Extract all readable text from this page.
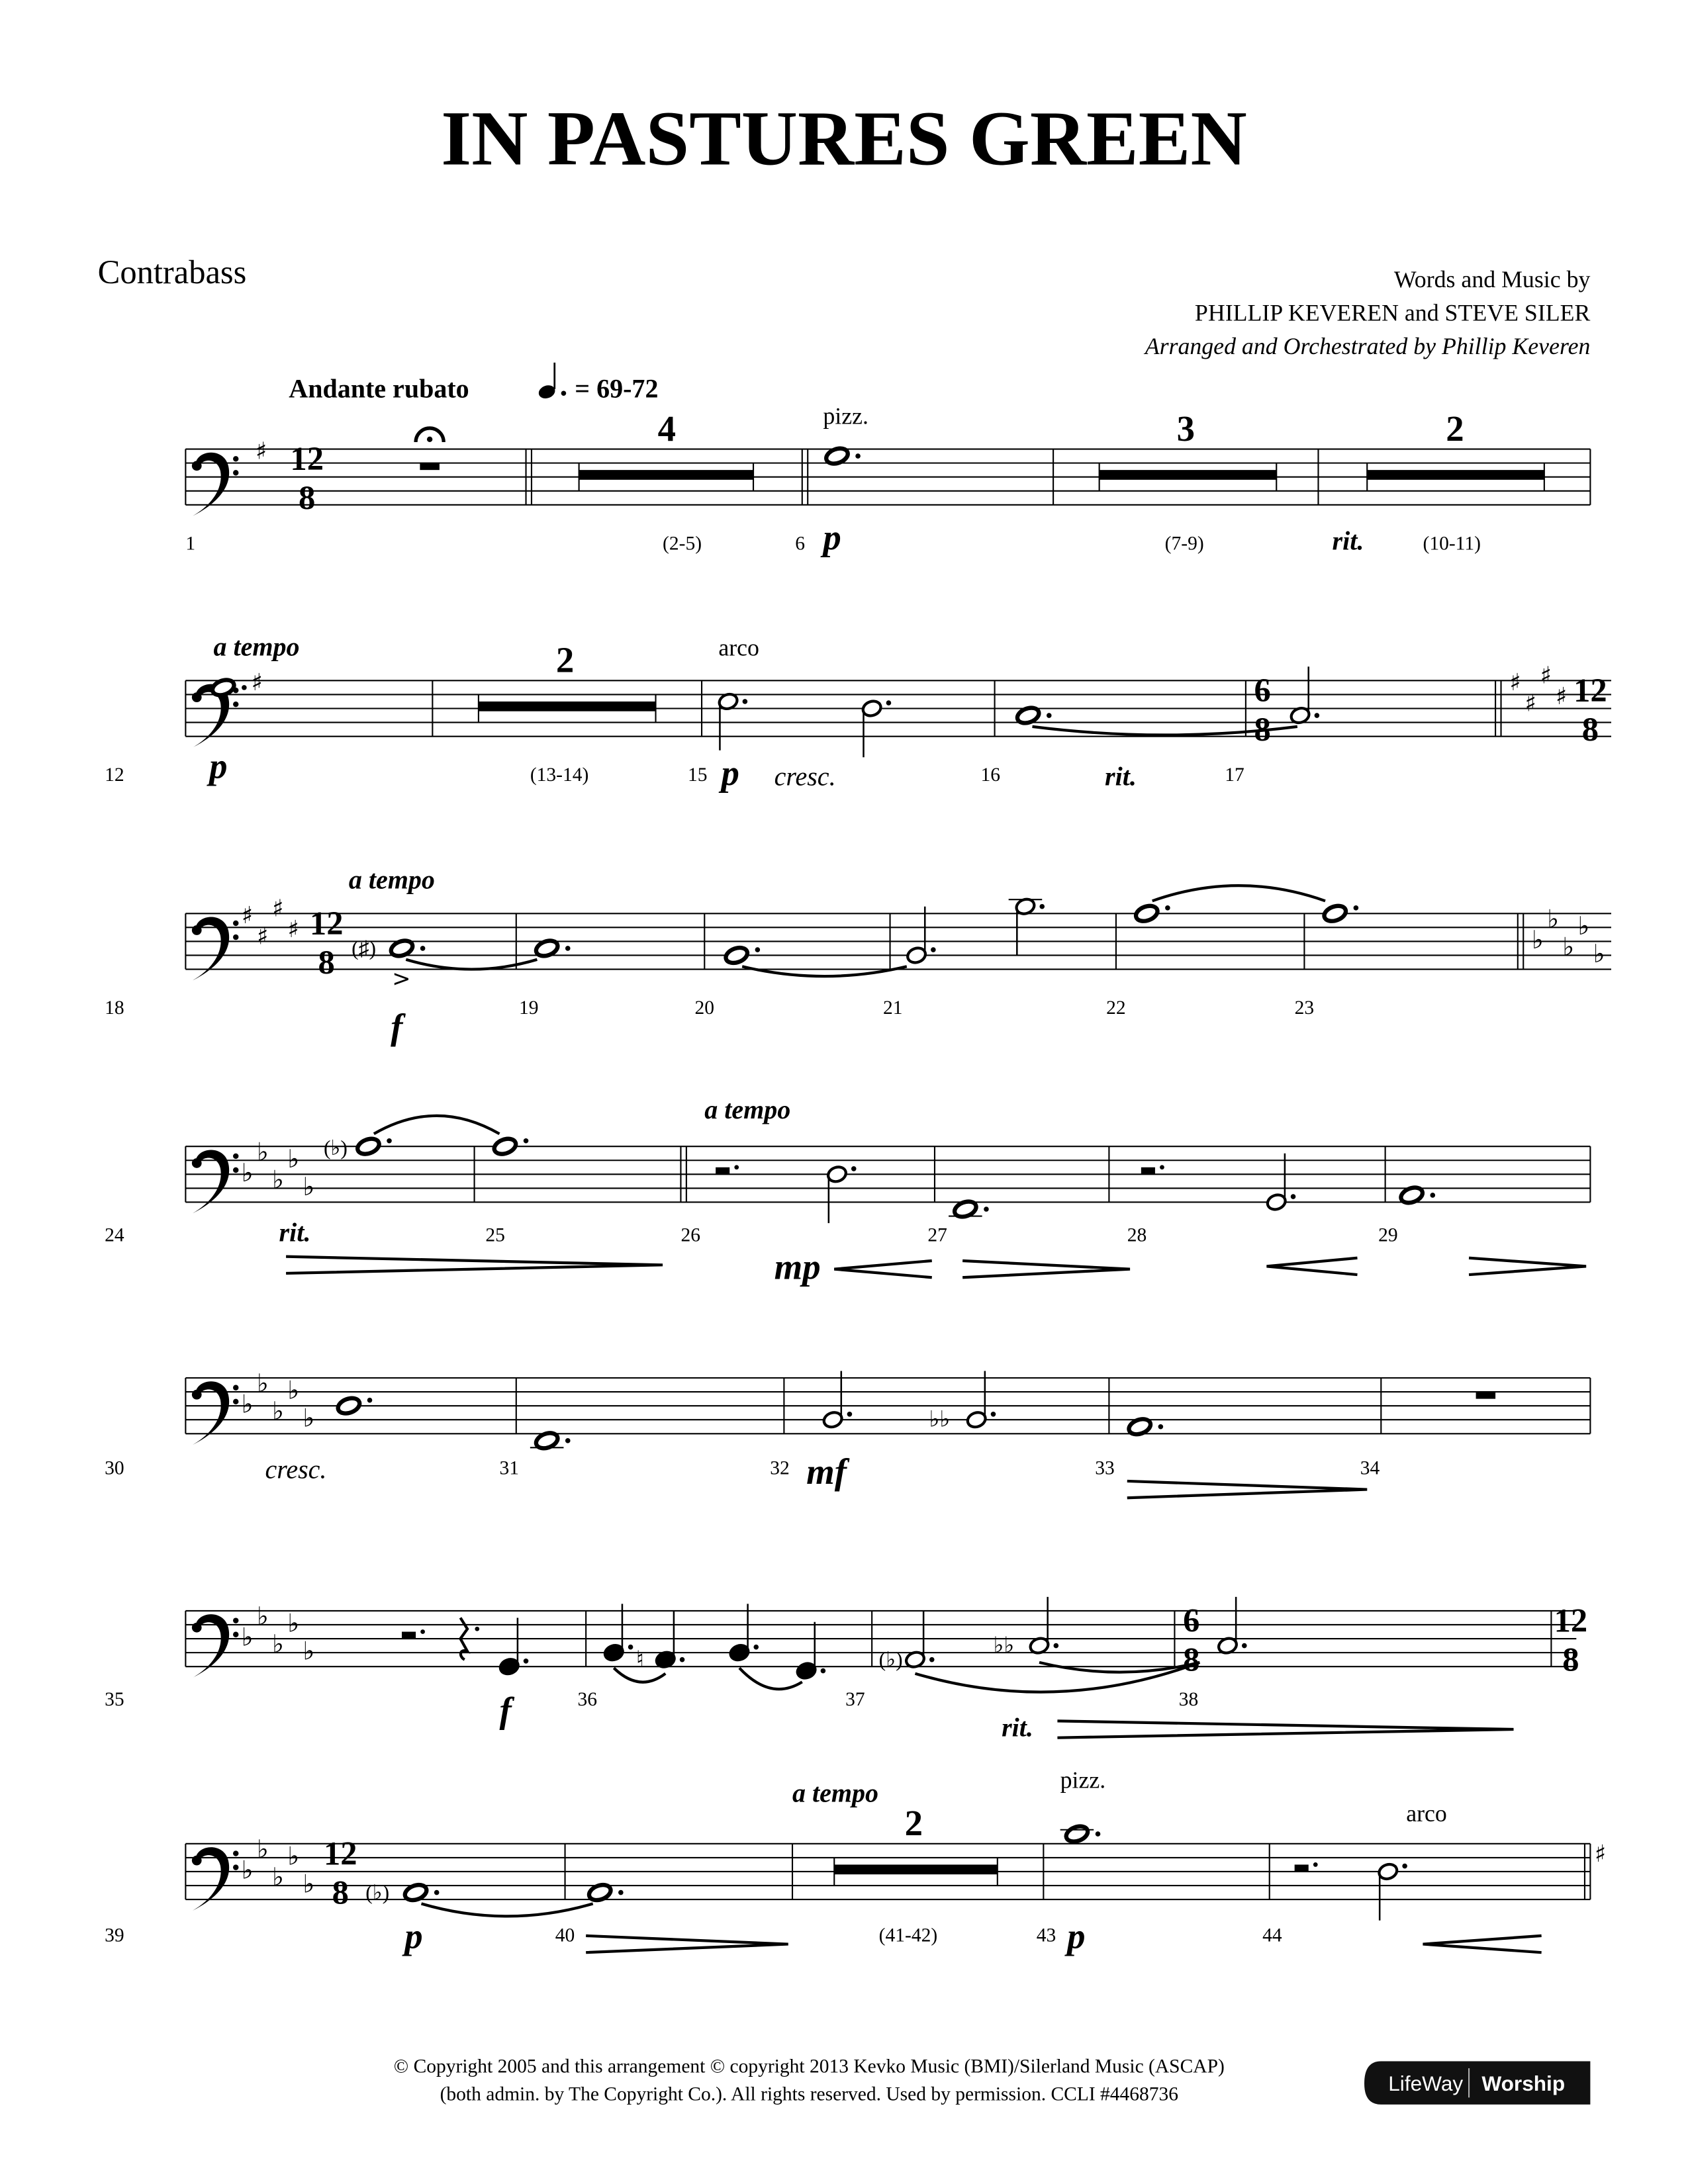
IN PASTURES GREEN
Contrabass	Words and Music by
PHILLIP KEVEREN and STEVE SILER
Arranged and Orchestrated by Phillip Keveren
Andante rubato	= 69-72
♯ 12
8
4	pizz.	3	2
1	(2-5)	6 p	(7-9)	rit.	(10-11)
♯
a tempo	2	arco
6
8
♯
♯
♯
♯ 12
8
12	p	(13-14)	15 p	cresc.	16	rit.	17
♯
♯
♯
♯ 12
8
a tempo
(♯)
>
f
♭
♭
♭
♭
♭
18	19	20	21	22	23
♭
♭
♭
♭
♭
(♭)
a tempo
24	rit.	25	26
mp
27	28	29
♭
♭
♭
♭
♭	♭♭
30	cresc.	31	32 mf	33	34
♭
♭
♭
♭
♭
f
♮	(♭)
♭♭
6
8
12
8
35	36	37
rit.
38
♭
♭
♭
♭
♭
12
8 (♭)
p
a tempo
2
pizz.
arco
♯
39	40	(41-42)	43 p	44
© Copyright 2005 and this arrangement © copyright 2013 Kevko Music (BMI)/Silerland Music (ASCAP)
(both admin. by The Copyright Co.). All rights reserved. Used by permission. CCLI #4468736	LifeWay Worship
